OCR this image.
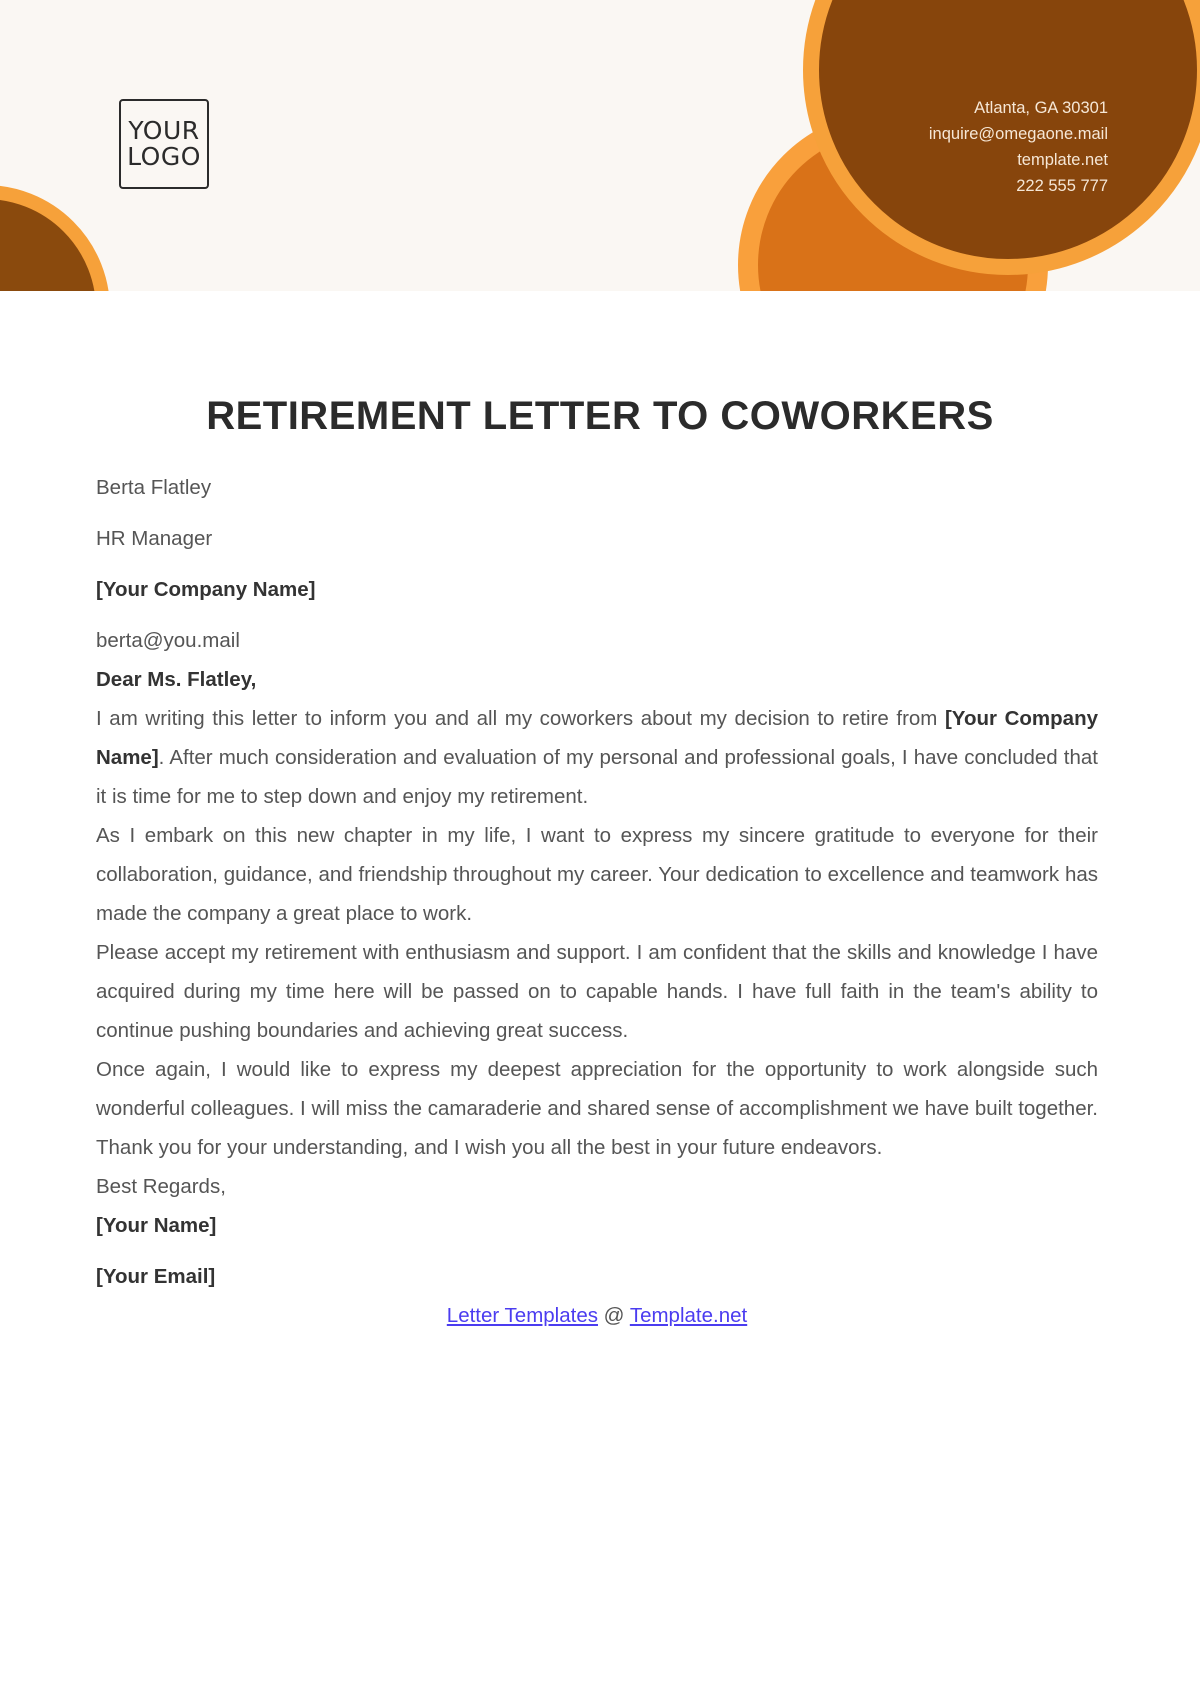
YOUR
LOGO
Atlanta, GA 30301
inquire@omegaone.mail
template.net
222 555 777
RETIREMENT LETTER TO COWORKERS

Berta Flatley

HR Manager

[Your Company Name]

berta@you.mail

Dear Ms. Flatley,

I am writing this letter to inform you and all my coworkers about my decision to retire from [Your Company Name]. After much consideration and evaluation of my personal and professional goals, I have concluded that it is time for me to step down and enjoy my retirement.

As I embark on this new chapter in my life, I want to express my sincere gratitude to everyone for their collaboration, guidance, and friendship throughout my career. Your dedication to excellence and teamwork has made the company a great place to work.

Please accept my retirement with enthusiasm and support. I am confident that the skills and knowledge I have acquired during my time here will be passed on to capable hands. I have full faith in the team's ability to continue pushing boundaries and achieving great success.

Once again, I would like to express my deepest appreciation for the opportunity to work alongside such wonderful colleagues. I will miss the camaraderie and shared sense of accomplishment we have built together. Thank you for your understanding, and I wish you all the best in your future endeavors.

Best Regards,

[Your Name]

[Your Email]

Letter Templates @ Template.net
